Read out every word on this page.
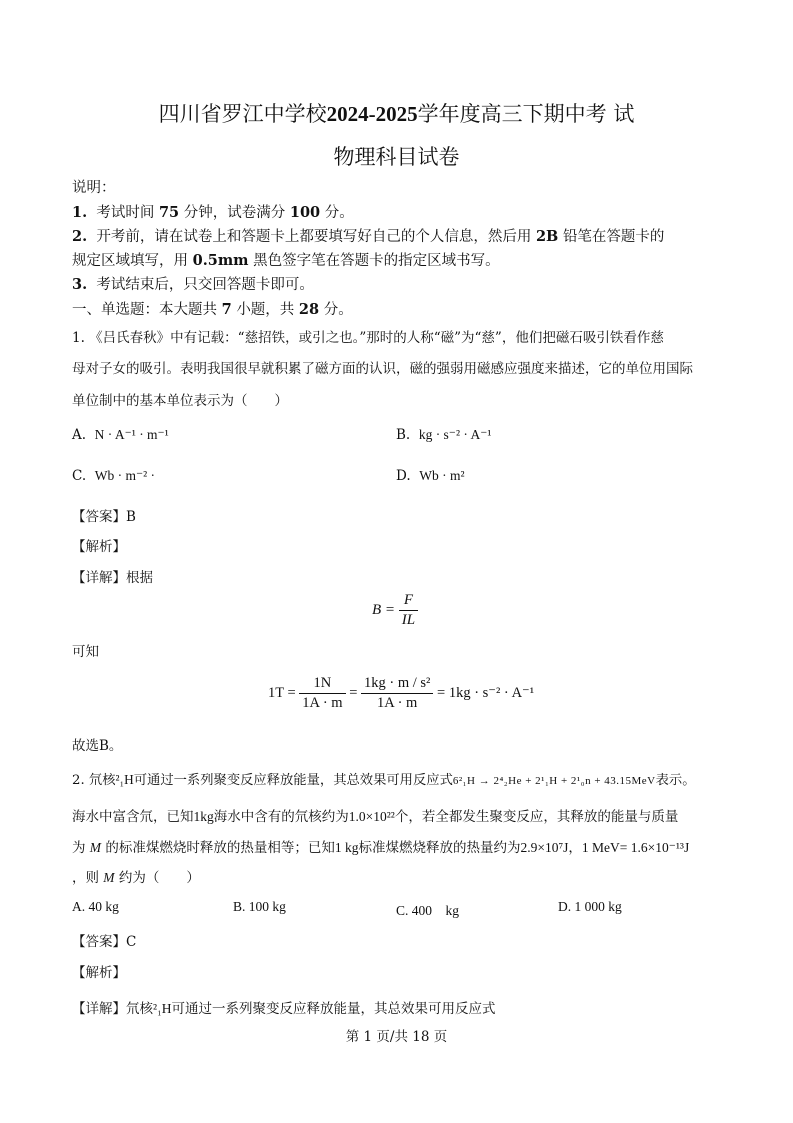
四川省罗江中学校2024-2025学年度高三下期中考 试
物理科目试卷
说明：
1. 考试时间 75 分钟，试卷满分 100 分。
2. 开考前，请在试卷上和答题卡上都要填写好自己的个人信息，然后用 2B 铅笔在答题卡的
规定区域填写，用 0.5mm 黑色签字笔在答题卡的指定区域书写。
3. 考试结束后，只交回答题卡即可。
一、单选题：本大题共 7 小题，共 28 分。
1. 《吕氏春秋》中有记载：“慈招铁，或引之也。”那时的人称“磁”为“慈”，他们把磁石吸引铁看作慈
母对子女的吸引。表明我国很早就积累了磁方面的认识，磁的强弱用磁感应强度来描述，它的单位用国际
单位制中的基本单位表示为（　　）
A. N · A⁻¹ · m⁻¹	B. kg · s⁻² · A⁻¹
C. Wb · m⁻² ·	D. Wb · m²
【答案】B
【解析】
【详解】根据
$B = \frac{F}{IL}$
可知
$1T = \frac{1N}{1A \cdot m} = \frac{\text{1kg · m / s²}}{1A \cdot m} = 1kg \cdot s^{-2} \cdot A^{-1}$
故选B。
2. 氘核²₁H可通过一系列聚变反应释放能量，其总效果可用反应式6²₁H → 2⁴₂He + 2¹₁H + 2¹₀n + 43.15MeV表示。
海水中富含氘，已知1kg海水中含有的氘核约为1.0×10²²个，若全都发生聚变反应，其释放的能量与质量
为 M 的标准煤燃烧时释放的热量相等；已知1 kg标准煤燃烧释放的热量约为2.9×10⁷J，1 MeV= 1.6×10⁻¹³J
，则 M 约为（　　）
A. 40 kg	B. 100 kg	C. 400　kg	D. 1 000 kg
【答案】C
【解析】
【详解】氘核²₁H可通过一系列聚变反应释放能量，其总效果可用反应式
第 1 页/共 18 页
